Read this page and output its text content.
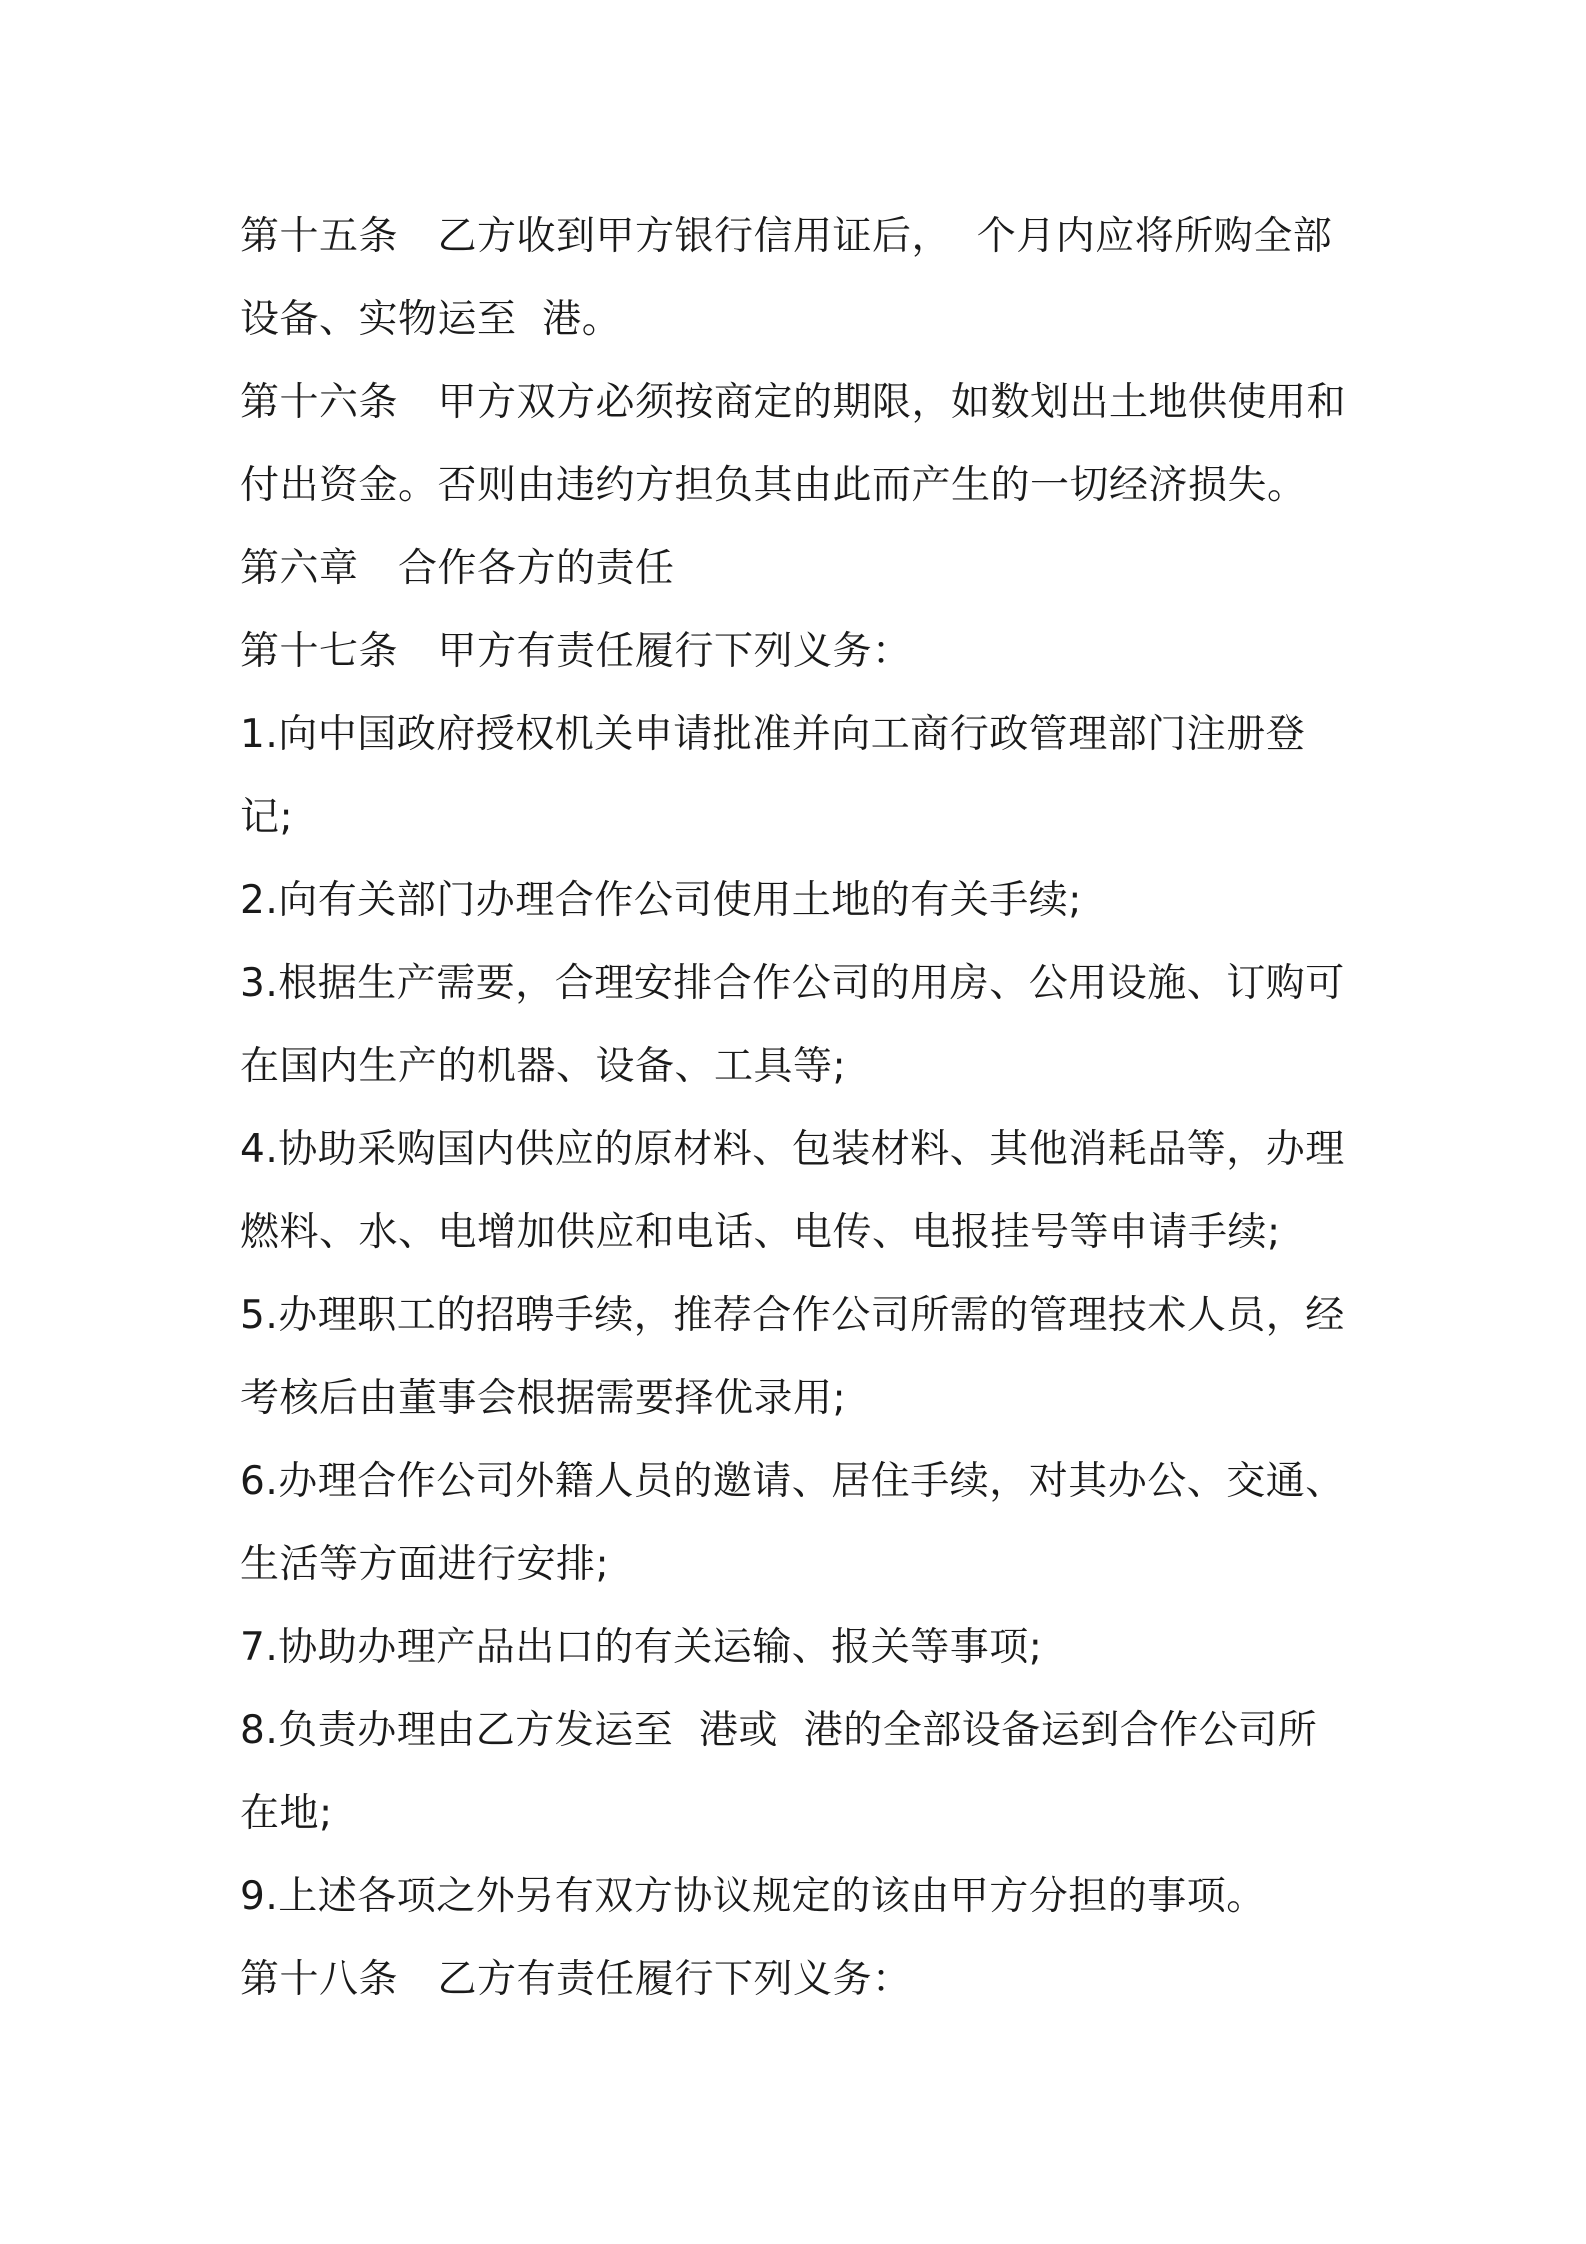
第十五条　乙方收到甲方银行信用证后，  个月内应将所购全部
设备、实物运至  港。
第十六条　甲方双方必须按商定的期限，如数划出土地供使用和
付出资金。否则由违约方担负其由此而产生的一切经济损失。
第六章　合作各方的责任
第十七条　甲方有责任履行下列义务：
1.向中国政府授权机关申请批准并向工商行政管理部门注册登
记;
2.向有关部门办理合作公司使用土地的有关手续;
3.根据生产需要，合理安排合作公司的用房、公用设施、订购可
在国内生产的机器、设备、工具等;
4.协助采购国内供应的原材料、包装材料、其他消耗品等，办理
燃料、水、电增加供应和电话、电传、电报挂号等申请手续;
5.办理职工的招聘手续，推荐合作公司所需的管理技术人员，经
考核后由董事会根据需要择优录用;
6.办理合作公司外籍人员的邀请、居住手续，对其办公、交通、
生活等方面进行安排;
7.协助办理产品出口的有关运输、报关等事项;
8.负责办理由乙方发运至  港或  港的全部设备运到合作公司所
在地;
9.上述各项之外另有双方协议规定的该由甲方分担的事项。
第十八条　乙方有责任履行下列义务：
